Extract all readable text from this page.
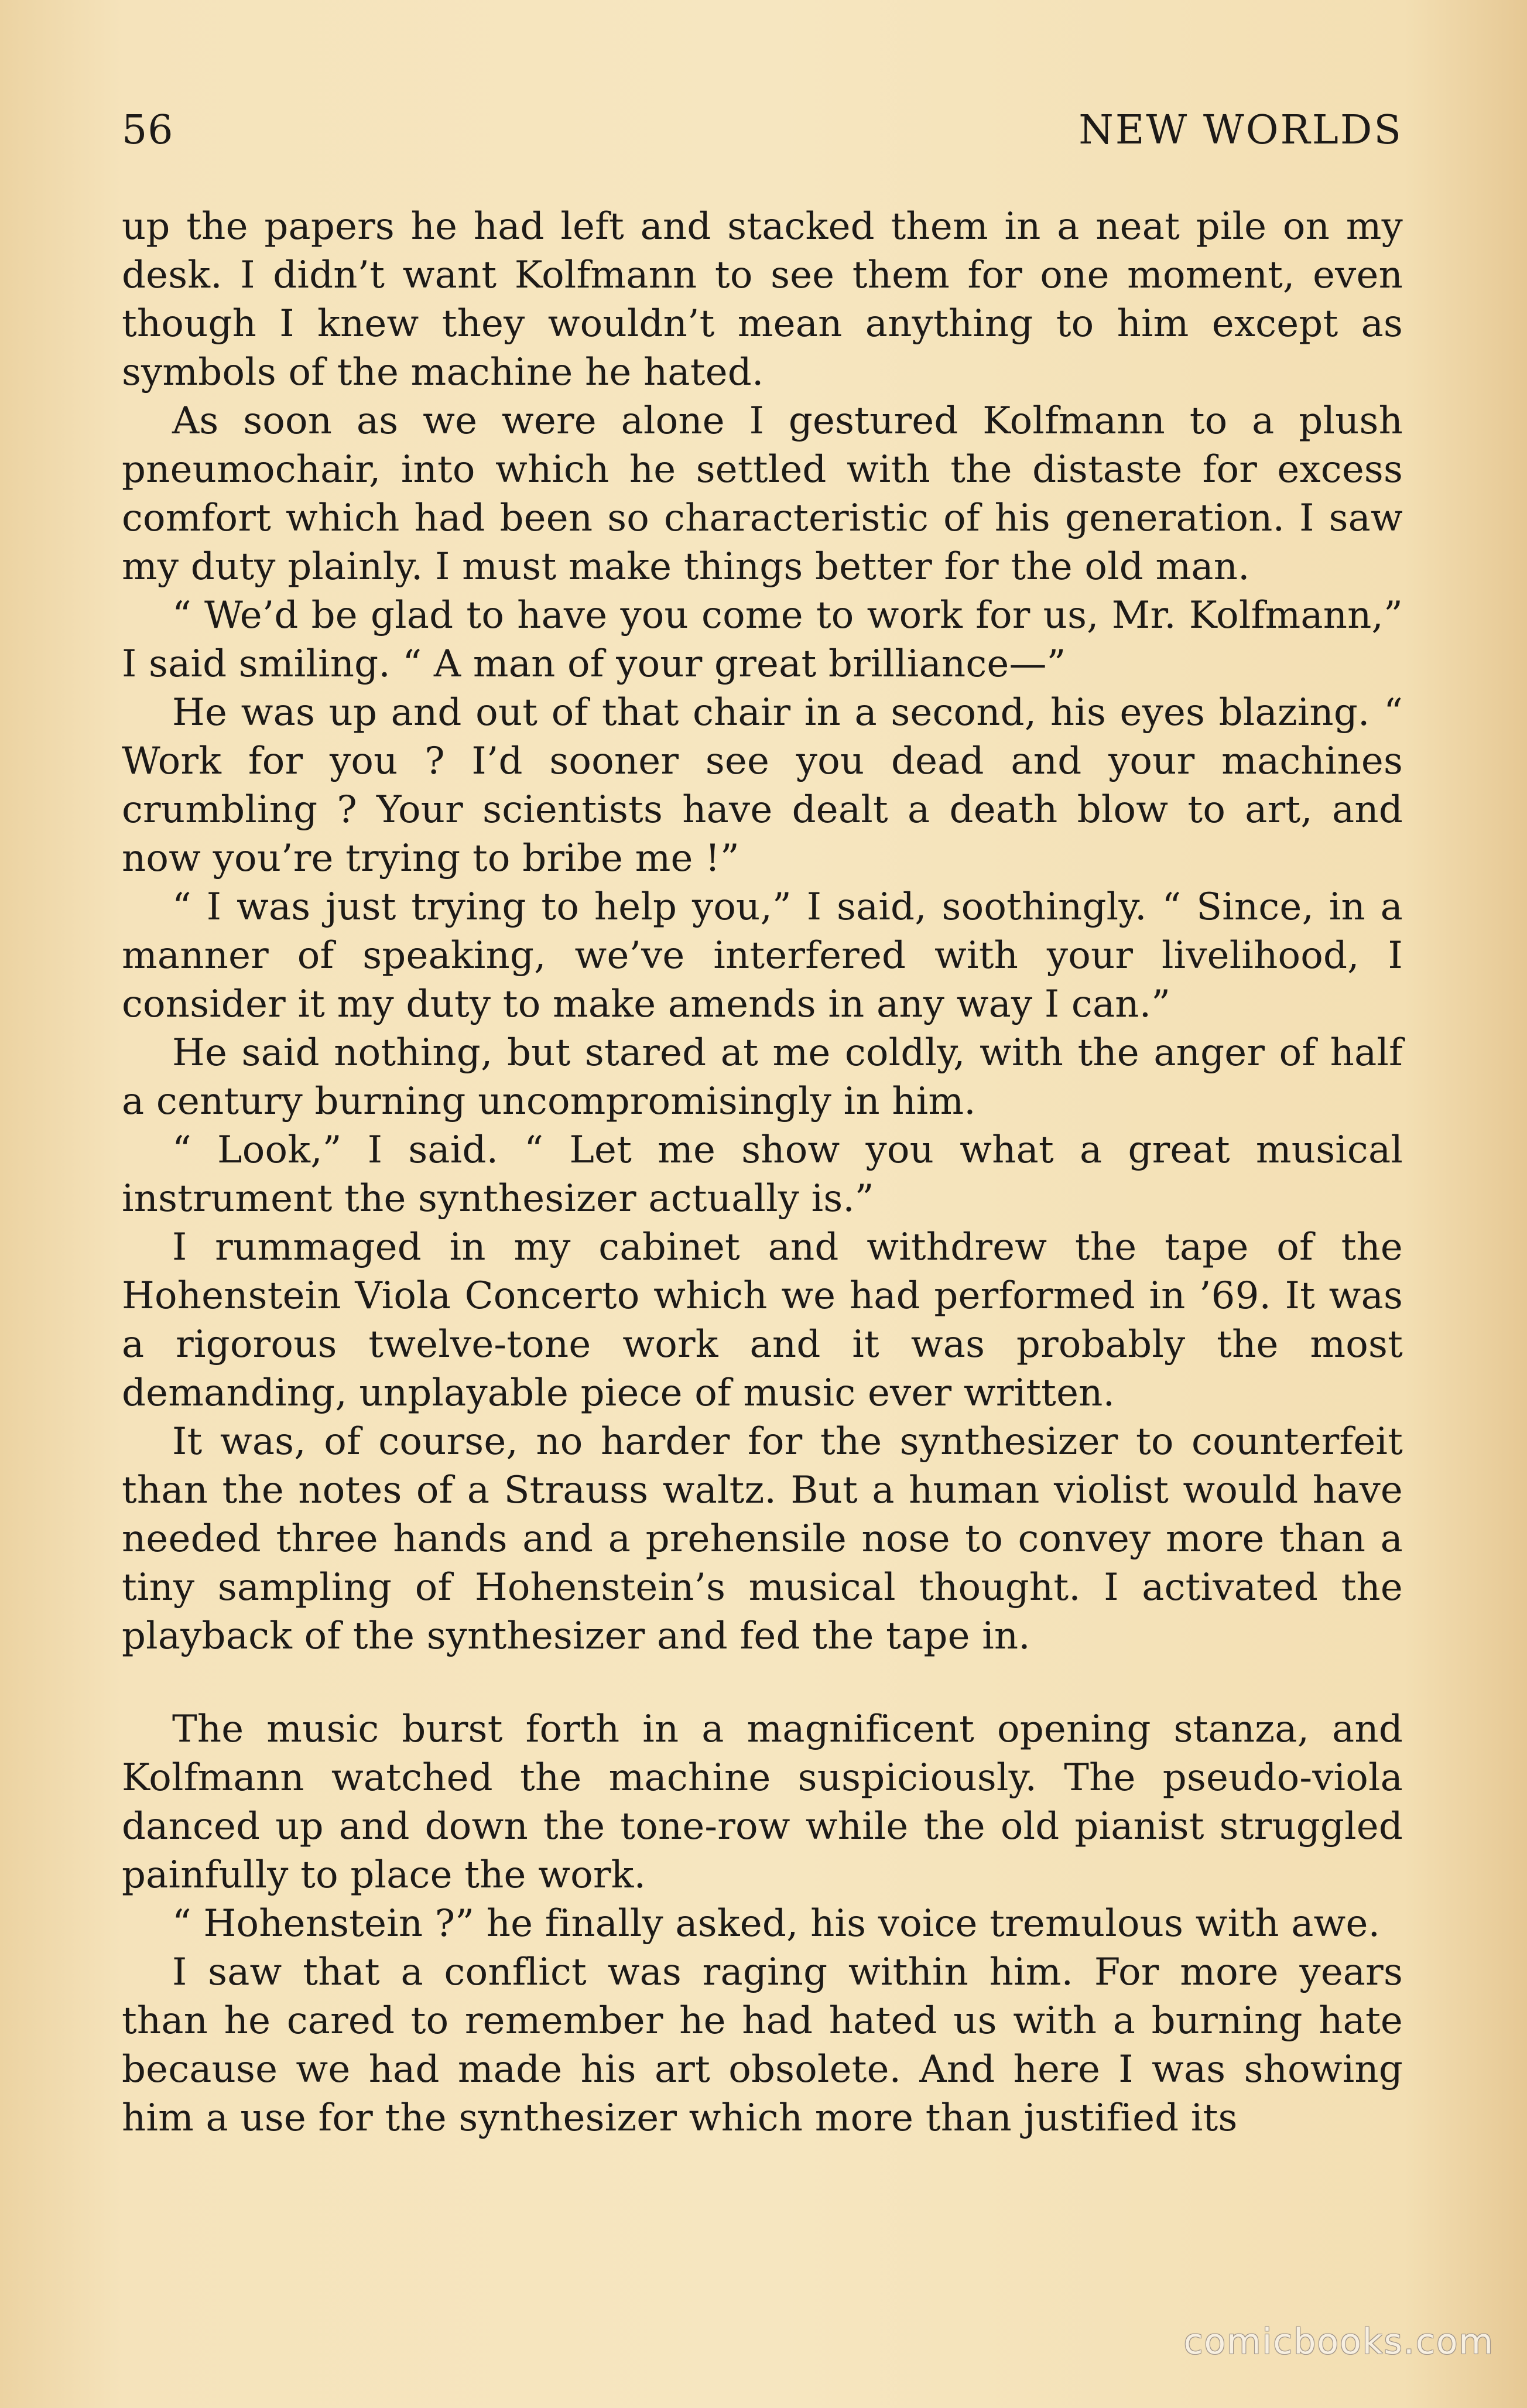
56	NEW WORLDS

up the papers he had left and stacked them in a neat pile on my desk. I didn’t want Kolfmann to see them for one moment, even though I knew they wouldn’t mean anything to him except as symbols of the machine he hated.

As soon as we were alone I gestured Kolfmann to a plush pneumochair, into which he settled with the distaste for excess comfort which had been so characteristic of his generation. I saw my duty plainly. I must make things better for the old man.

“ We’d be glad to have you come to work for us, Mr. Kolfmann,” I said smiling. “ A man of your great brilliance—”

He was up and out of that chair in a second, his eyes blazing. “ Work for you ? I’d sooner see you dead and your machines crumbling ? Your scientists have dealt a death blow to art, and now you’re trying to bribe me !”

“ I was just trying to help you,” I said, soothingly. “ Since, in a manner of speaking, we’ve interfered with your livelihood, I consider it my duty to make amends in any way I can.”

He said nothing, but stared at me coldly, with the anger of half a century burning uncompromisingly in him.

“ Look,” I said. “ Let me show you what a great musical instrument the synthesizer actually is.”

I rummaged in my cabinet and withdrew the tape of the Hohenstein Viola Concerto which we had performed in ’69. It was a rigorous twelve-tone work and it was probably the most demanding, unplayable piece of music ever written.

It was, of course, no harder for the synthesizer to counterfeit than the notes of a Strauss waltz. But a human violist would have needed three hands and a prehensile nose to convey more than a tiny sampling of Hohenstein’s musical thought. I activated the playback of the synthesizer and fed the tape in.

The music burst forth in a magnificent opening stanza, and Kolfmann watched the machine suspiciously. The pseudo-viola danced up and down the tone-row while the old pianist struggled painfully to place the work.

“ Hohenstein ?” he finally asked, his voice tremulous with awe.

I saw that a conflict was raging within him. For more years than he cared to remember he had hated us with a burning hate because we had made his art obsolete. And here I was showing him a use for the synthesizer which more than justified its

comicbooks.com
